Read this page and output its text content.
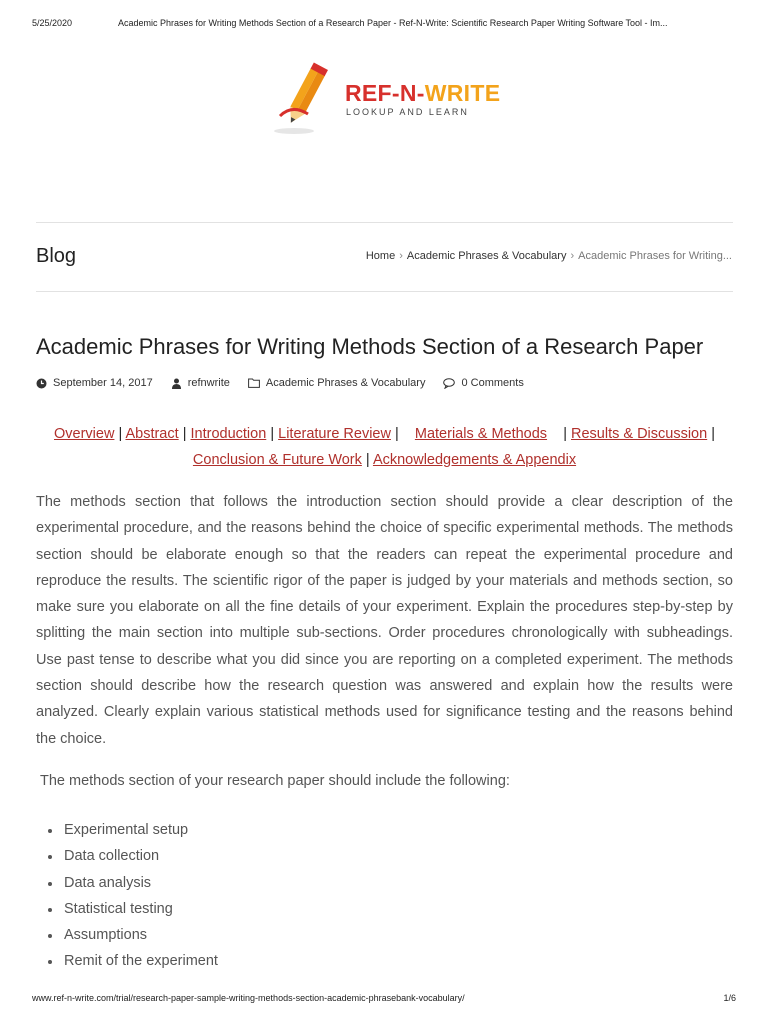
5/25/2020	Academic Phrases for Writing Methods Section of a Research Paper - Ref-N-Write: Scientific Research Paper Writing Software Tool - Im...
REF-N-WRITE
LOOKUP AND LEARN
Blog	Home › Academic Phrases & Vocabulary › Academic Phrases for Writing...
Academic Phrases for Writing Methods Section of a Research Paper
September 14, 2017	refnwrite	Academic Phrases & Vocabulary	0 Comments
Overview | Abstract | Introduction | Literature Review | Materials & Methods | Results & Discussion | Conclusion & Future Work | Acknowledgements & Appendix

The methods section that follows the introduction section should provide a clear description of the experimental procedure, and the reasons behind the choice of specific experimental methods. The methods section should be elaborate enough so that the readers can repeat the experimental procedure and reproduce the results. The scientific rigor of the paper is judged by your materials and methods section, so make sure you elaborate on all the fine details of your experiment. Explain the procedures step-by-step by splitting the main section into multiple sub-sections. Order procedures chronologically with subheadings. Use past tense to describe what you did since you are reporting on a completed experiment. The methods section should describe how the research question was answered and explain how the results were analyzed. Clearly explain various statistical methods used for significance testing and the reasons behind the choice.

The methods section of your research paper should include the following:

Experimental setup
Data collection
Data analysis
Statistical testing
Assumptions
Remit of the experiment
www.ref-n-write.com/trial/research-paper-sample-writing-methods-section-academic-phrasebank-vocabulary/	1/6
